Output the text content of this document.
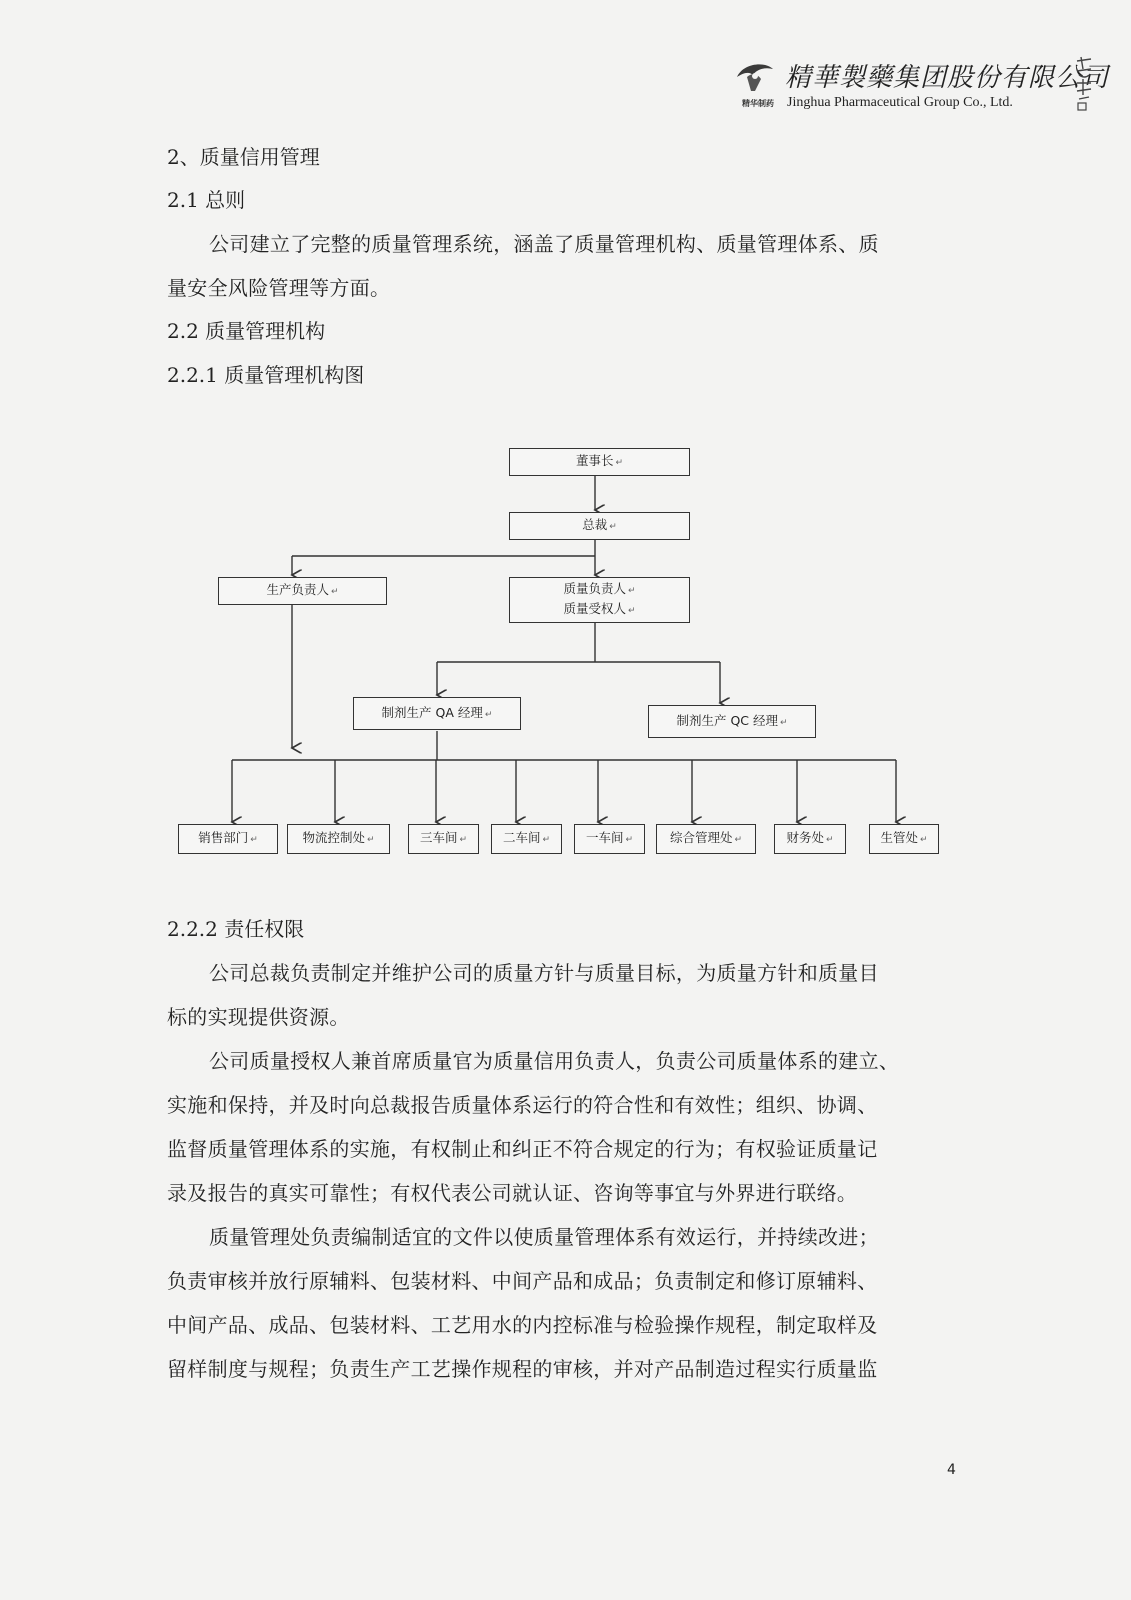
精华制药
精華製藥集团股份有限公司
Jinghua Pharmaceutical Group Co., Ltd.
2、质量信用管理
2.1 总则
公司建立了完整的质量管理系统，涵盖了质量管理机构、质量管理体系、质
量安全风险管理等方面。
2.2 质量管理机构
2.2.1 质量管理机构图
董事长 ↵
总裁 ↵
生产负责人 ↵	质量负责人 ↵
质量受权人 ↵
制剂生产 QA 经理 ↵	制剂生产 QC 经理 ↵
销售部门 ↵	物流控制处 ↵	三车间 ↵	二车间 ↵	一车间 ↵	综合管理处 ↵	财务处 ↵	生管处 ↵
2.2.2 责任权限
公司总裁负责制定并维护公司的质量方针与质量目标，为质量方针和质量目
标的实现提供资源。
公司质量授权人兼首席质量官为质量信用负责人，负责公司质量体系的建立、
实施和保持，并及时向总裁报告质量体系运行的符合性和有效性；组织、协调、
监督质量管理体系的实施，有权制止和纠正不符合规定的行为；有权验证质量记
录及报告的真实可靠性；有权代表公司就认证、咨询等事宜与外界进行联络。
质量管理处负责编制适宜的文件以使质量管理体系有效运行，并持续改进；
负责审核并放行原辅料、包装材料、中间产品和成品；负责制定和修订原辅料、
中间产品、成品、包装材料、工艺用水的内控标准与检验操作规程，制定取样及
留样制度与规程；负责生产工艺操作规程的审核，并对产品制造过程实行质量监
4
